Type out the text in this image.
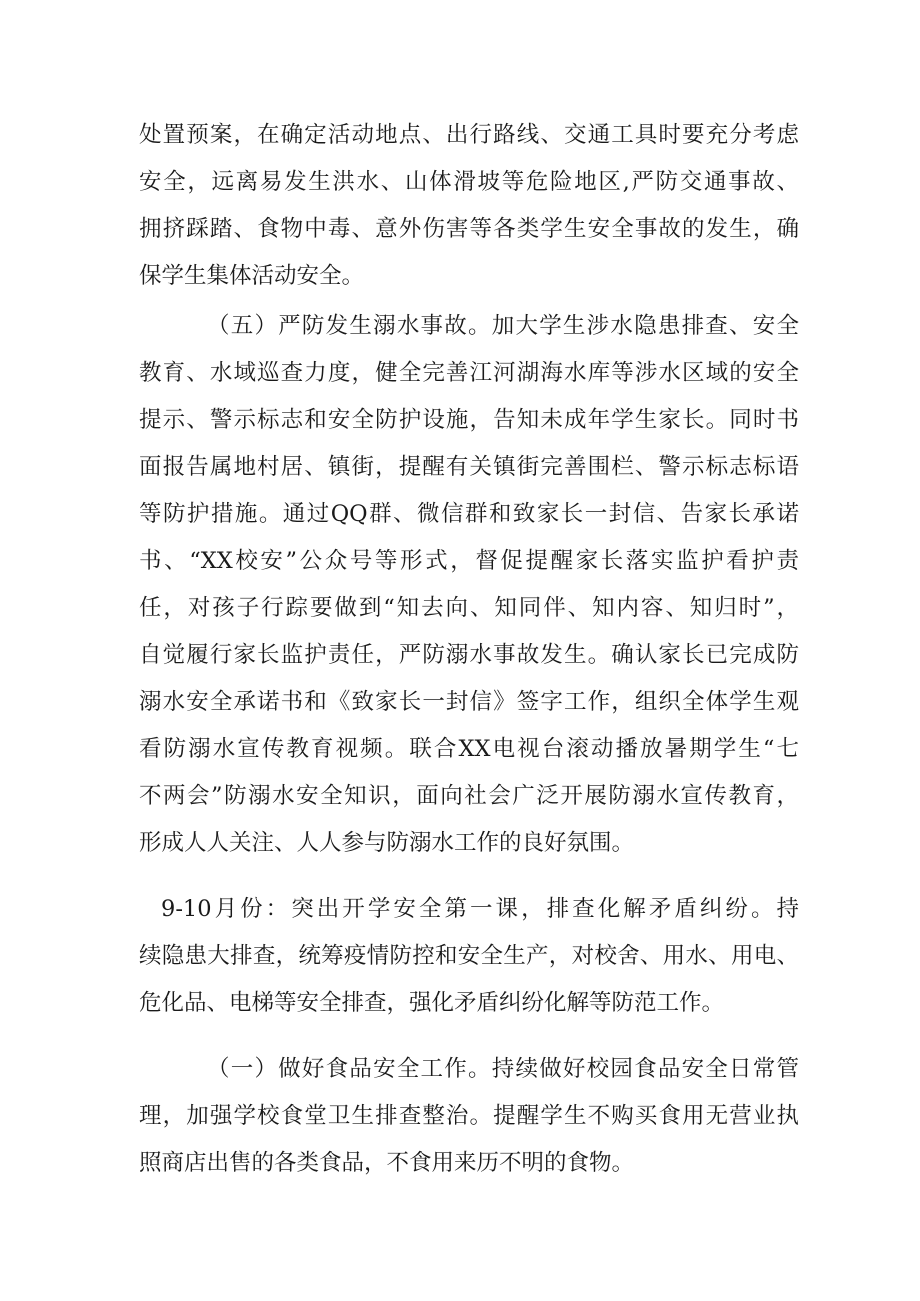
处置预案，在确定活动地点、出行路线、交通工具时要充分考虑
安全，远离易发生洪水、山体滑坡等危险地区,严防交通事故、
拥挤踩踏、食物中毒、意外伤害等各类学生安全事故的发生，确
保学生集体活动安全。
（五）严防发生溺水事故。加大学生涉水隐患排查、安全
教育、水域巡查力度，健全完善江河湖海水库等涉水区域的安全
提示、警示标志和安全防护设施，告知未成年学生家长。同时书
面报告属地村居、镇街，提醒有关镇街完善围栏、警示标志标语
等防护措施。通过QQ群、微信群和致家长一封信、告家长承诺
书、“XX校安”公众号等形式，督促提醒家长落实监护看护责
任，对孩子行踪要做到“知去向、知同伴、知内容、知归时”，
自觉履行家长监护责任，严防溺水事故发生。确认家长已完成防
溺水安全承诺书和《致家长一封信》签字工作，组织全体学生观
看防溺水宣传教育视频。联合XX电视台滚动播放暑期学生“七
不两会”防溺水安全知识，面向社会广泛开展防溺水宣传教育，
形成人人关注、人人参与防溺水工作的良好氛围。
9-10月份：突出开学安全第一课，排查化解矛盾纠纷。持
续隐患大排查，统筹疫情防控和安全生产，对校舍、用水、用电、
危化品、电梯等安全排查，强化矛盾纠纷化解等防范工作。
（一）做好食品安全工作。持续做好校园食品安全日常管
理，加强学校食堂卫生排查整治。提醒学生不购买食用无营业执
照商店出售的各类食品，不食用来历不明的食物。
